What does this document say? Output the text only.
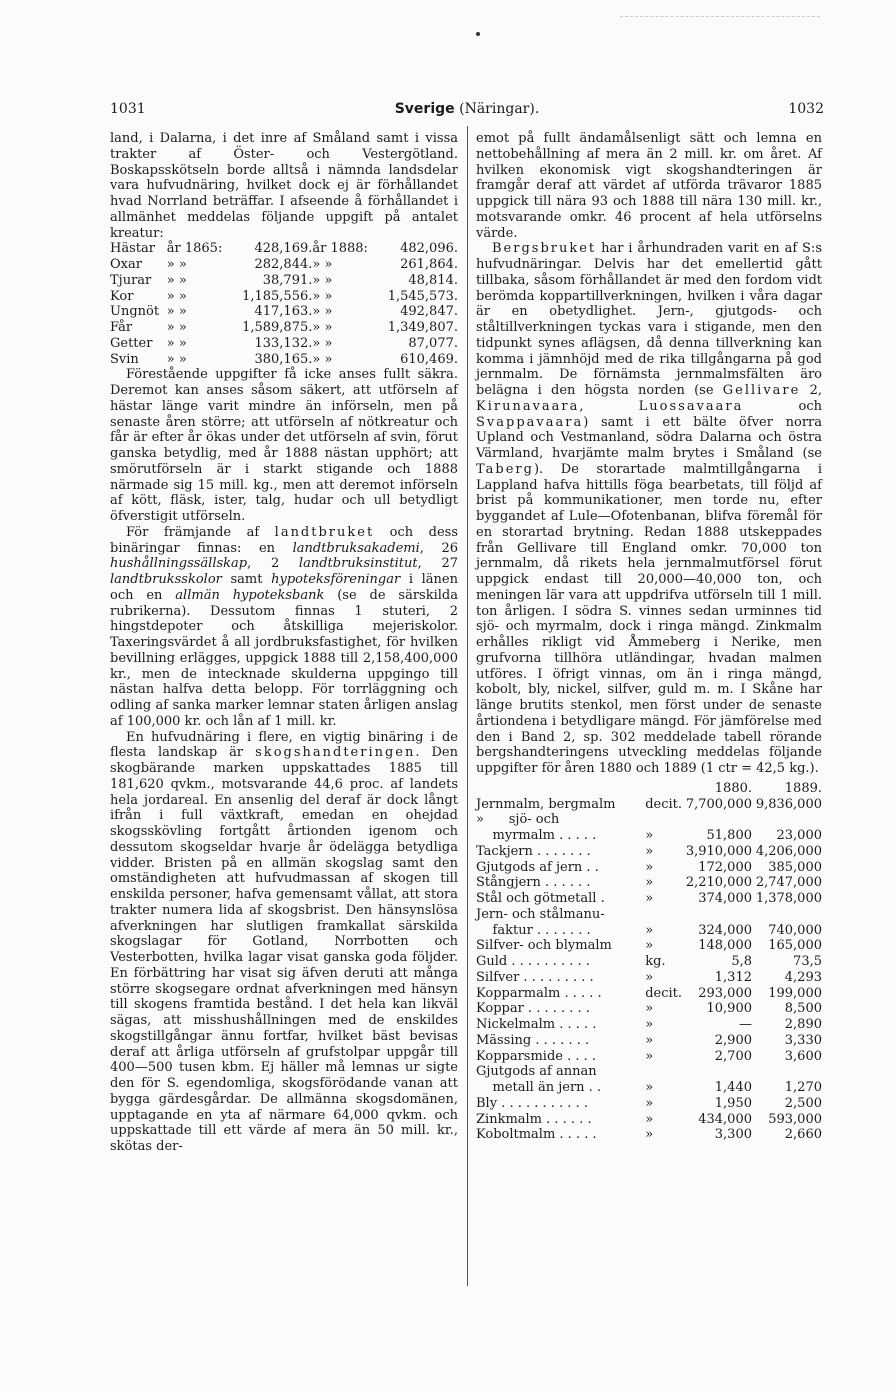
1031	Sverige (Näringar).	1032

land, i Dalarna, i det inre af Småland samt i vissa trakter af Öster- och Vestergötland. Boskapsskötseln borde alltså i nämnda landsdelar vara hufvudnäring, hvilket dock ej är förhållandet hvad Norrland beträffar. I afseende å förhållandet i allmänhet meddelas följande uppgift på antalet kreatur:

Hästar	år 1865:	428,169.	år 1888:	482,096.
Oxar	» »	282,844.	» »	261,864.
Tjurar	» »	38,791.	» »	48,814.
Kor	» »	1,185,556.	» »	1,545,573.
Ungnöt	» »	417,163.	» »	492,847.
Får	» »	1,589,875.	» »	1,349,807.
Getter	» »	133,132.	» »	87,077.
Svin	» »	380,165.	» »	610,469.

Förestående uppgifter få icke anses fullt säkra. Deremot kan anses såsom säkert, att utförseln af hästar länge varit mindre än införseln, men på senaste åren större; att utförseln af nötkreatur och får är efter år ökas under det utförseln af svin, förut ganska betydlig, med år 1888 nästan upphört; att smörutförseln är i starkt stigande och 1888 närmade sig 15 mill. kg., men att deremot införseln af kött, fläsk, ister, talg, hudar och ull betydligt öfverstigit utförseln.

För främjande af landtbruket och dess binäringar finnas: en landtbruksakademi, 26 hushållningssällskap, 2 landtbruksinstitut, 27 landtbruksskolor samt hypoteksföreningar i länen och en allmän hypoteksbank (se de särskilda rubrikerna). Dessutom finnas 1 stuteri, 2 hingstdepoter och åtskilliga mejeriskolor. Taxeringsvärdet å all jordbruksfastighet, för hvilken bevillning erlägges, uppgick 1888 till 2,158,400,000 kr., men de intecknade skulderna uppgingo till nästan halfva detta belopp. För torrläggning och odling af sanka marker lemnar staten årligen anslag af 100,000 kr. och lån af 1 mill. kr.

En hufvudnäring i flere, en vigtig binäring i de flesta landskap är skogshandteringen. Den skogbärande marken uppskattades 1885 till 181,620 qvkm., motsvarande 44,6 proc. af landets hela jordareal. En ansenlig del deraf är dock långt ifrån i full växtkraft, emedan en ohejdad skogsskövling fortgått årtionden igenom och dessutom skogseldar hvarje år ödelägga betydliga vidder. Bristen på en allmän skogslag samt den omständigheten att hufvudmassan af skogen till enskilda personer, hafva gemensamt vållat, att stora trakter numera lida af skogsbrist. Den hänsynslösa afverkningen har slutligen framkallat särskilda skogslagar för Gotland, Norrbotten och Vesterbotten, hvilka lagar visat ganska goda följder. En förbättring har visat sig äfven deruti att många större skogsegare ordnat afverkningen med hänsyn till skogens framtida bestånd. I det hela kan likväl sägas, att misshushållningen med de enskildes skogstillgångar ännu fortfar, hvilket bäst bevisas deraf att årliga utförseln af grufstolpar uppgår till 400—500 tusen kbm. Ej häller må lemnas ur sigte den för S. egendomliga, skogsförödande vanan att bygga gärdesgårdar. De allmänna skogsdomänen, upptagande en yta af närmare 64,000 qvkm. och uppskattade till ett värde af mera än 50 mill. kr., skötas der-

emot på fullt ändamålsenligt sätt och lemna en nettobehållning af mera än 2 mill. kr. om året. Af hvilken ekonomisk vigt skogshandteringen är framgår deraf att värdet af utförda trävaror 1885 uppgick till nära 93 och 1888 till nära 130 mill. kr., motsvarande omkr. 46 procent af hela utförselns värde.

Bergsbruket har i århundraden varit en af S:s hufvudnäringar. Delvis har det emellertid gått tillbaka, såsom förhållandet är med den fordom vidt berömda koppartillverkningen, hvilken i våra dagar är en obetydlighet. Jern-, gjutgods- och ståltillverkningen tyckas vara i stigande, men den tidpunkt synes aflägsen, då denna tillverkning kan komma i jämnhöjd med de rika tillgångarna på god jernmalm. De förnämsta jernmalmsfälten äro belägna i den högsta norden (se Gellivare 2, Kirunavaara, Luossavaara och Svappavaara) samt i ett bälte öfver norra Upland och Vestmanland, södra Dalarna och östra Värmland, hvarjämte malm brytes i Småland (se Taberg). De storartade malmtillgångarna i Lappland hafva hittills föga bearbetats, till följd af brist på kommunikationer, men torde nu, efter byggandet af Lule—Ofotenbanan, blifva föremål för en storartad brytning. Redan 1888 utskeppades från Gellivare till England omkr. 70,000 ton jernmalm, då rikets hela jernmalmutförsel förut uppgick endast till 20,000—40,000 ton, och meningen lär vara att uppdrifva utförseln till 1 mill. ton årligen. I södra S. vinnes sedan urminnes tid sjö- och myrmalm, dock i ringa mängd. Zinkmalm erhålles rikligt vid Åmmeberg i Nerike, men grufvorna tillhöra utländingar, hvadan malmen utföres. I öfrigt vinnas, om än i ringa mängd, kobolt, bly, nickel, silfver, guld m. m. I Skåne har länge brutits stenkol, men först under de senaste årtiondena i betydligare mängd. För jämförelse med den i Band 2, sp. 302 meddelade tabell rörande bergshandteringens utveckling meddelas följande uppgifter för åren 1880 och 1889 (1 ctr = 42,5 kg.).

		1880.	1889.
Jernmalm, bergmalm	decit.	7,700,000	9,836,000
»      sjö- och			
myrmalm . . . . .	»	51,800	23,000
Tackjern . . . . . . .	»	3,910,000	4,206,000
Gjutgods af jern . .	»	172,000	385,000
Stångjern . . . . . .	»	2,210,000	2,747,000
Stål och götmetall .	»	374,000	1,378,000
Jern- och stålmanu-			
faktur . . . . . . .	»	324,000	740,000
Silfver- och blymalm	»	148,000	165,000
Guld . . . . . . . . . .	kg.	5,8	73,5
Silfver . . . . . . . . .	»	1,312	4,293
Kopparmalm . . . . .	decit.	293,000	199,000
Koppar . . . . . . . .	»	10,900	8,500
Nickelmalm . . . . .	»	—	2,890
Mässing . . . . . . .	»	2,900	3,330
Kopparsmide . . . .	»	2,700	3,600
Gjutgods af annan			
metall än jern . .	»	1,440	1,270
Bly . . . . . . . . . . .	»	1,950	2,500
Zinkmalm . . . . . .	»	434,000	593,000
Koboltmalm . . . . .	»	3,300	2,660
